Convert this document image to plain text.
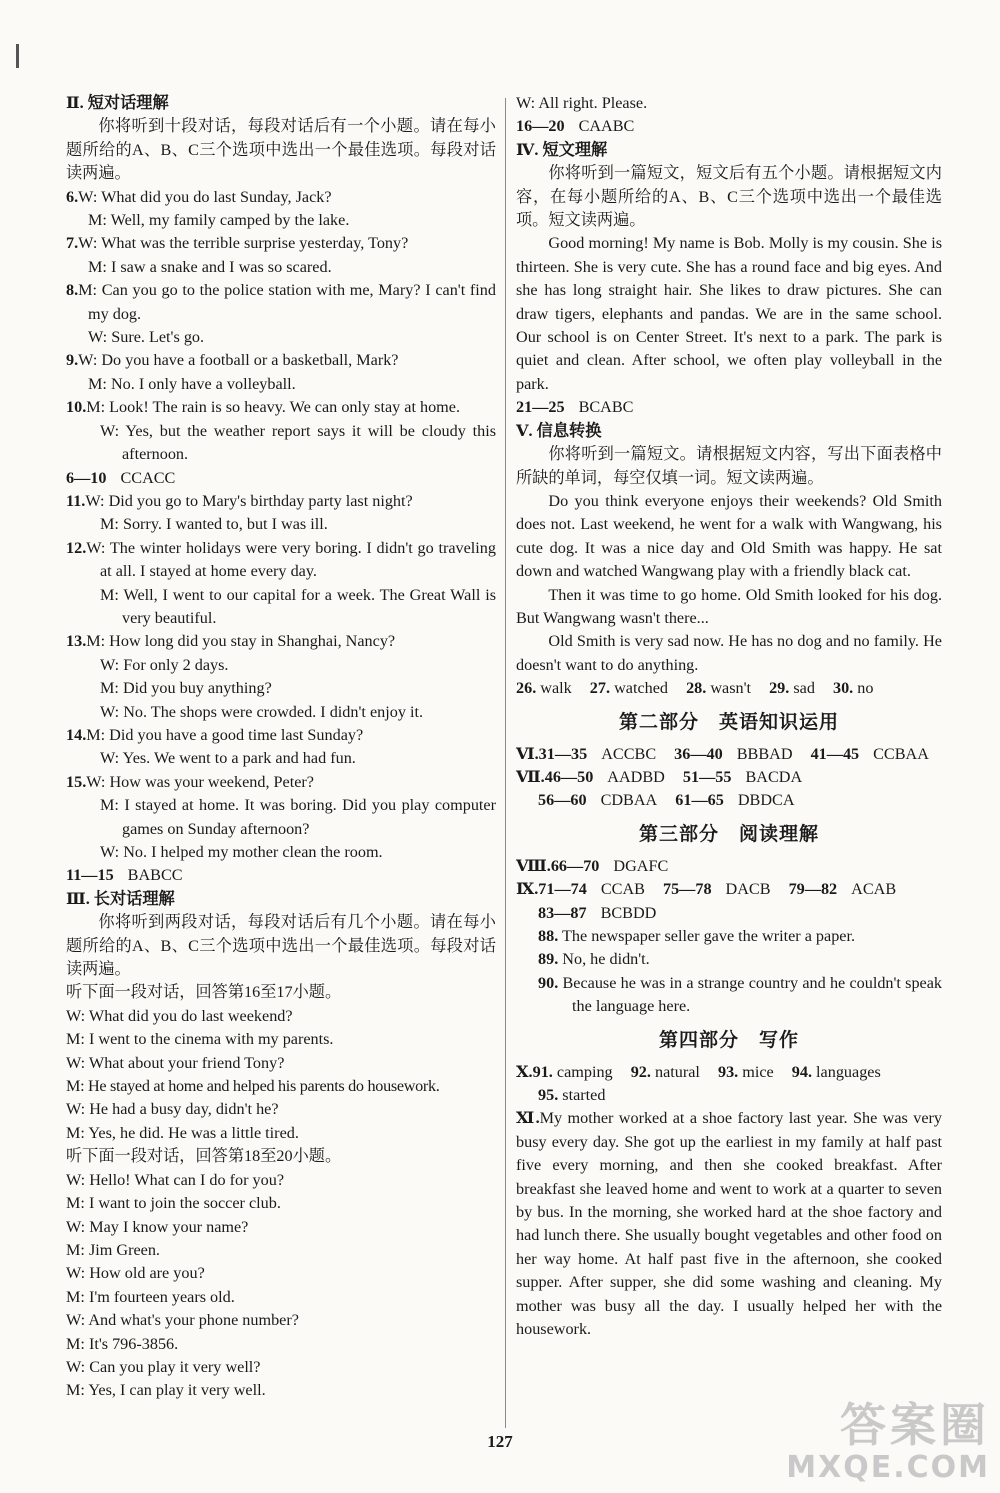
Ⅱ. 短对话理解

你将听到十段对话，每段对话后有一个小题。请在每小题所给的A、B、C三个选项中选出一个最佳选项。每段对话读两遍。

6.W: What did you do last Sunday, Jack?

M: Well, my family camped by the lake.

7.W: What was the terrible surprise yesterday, Tony?

M: I saw a snake and I was so scared.

8.M: Can you go to the police station with me, Mary? I can't find my dog.

W: Sure. Let's go.

9.W: Do you have a football or a basketball, Mark?

M: No. I only have a volleyball.

10.M: Look! The rain is so heavy. We can only stay at home.

W: Yes, but the weather report says it will be cloudy this afternoon.

6—10 CCACC

11.W: Did you go to Mary's birthday party last night?

M: Sorry. I wanted to, but I was ill.

12.W: The winter holidays were very boring. I didn't go traveling at all. I stayed at home every day.

M: Well, I went to our capital for a week. The Great Wall is very beautiful.

13.M: How long did you stay in Shanghai, Nancy?

W: For only 2 days.

M: Did you buy anything?

W: No. The shops were crowded. I didn't enjoy it.

14.M: Did you have a good time last Sunday?

W: Yes. We went to a park and had fun.

15.W: How was your weekend, Peter?

M: I stayed at home. It was boring. Did you play computer games on Sunday afternoon?

W: No. I helped my mother clean the room.

11—15 BABCC

Ⅲ. 长对话理解

你将听到两段对话，每段对话后有几个小题。请在每小题所给的A、B、C三个选项中选出一个最佳选项。每段对话读两遍。

听下面一段对话，回答第16至17小题。

W: What did you do last weekend?

M: I went to the cinema with my parents.

W: What about your friend Tony?

M: He stayed at home and helped his parents do housework.

W: He had a busy day, didn't he?

M: Yes, he did. He was a little tired.

听下面一段对话，回答第18至20小题。

W: Hello! What can I do for you?

M: I want to join the soccer club.

W: May I know your name?

M: Jim Green.

W: How old are you?

M: I'm fourteen years old.

W: And what's your phone number?

M: It's 796-3856.

W: Can you play it very well?

M: Yes, I can play it very well.

W: All right. Please.

16—20 CAABC

Ⅳ. 短文理解

你将听到一篇短文，短文后有五个小题。请根据短文内容，在每小题所给的A、B、C三个选项中选出一个最佳选项。短文读两遍。

Good morning! My name is Bob. Molly is my cousin. She is thirteen. She is very cute. She has a round face and big eyes. And she has long straight hair. She likes to draw pictures. She can draw tigers, elephants and pandas. We are in the same school. Our school is on Center Street. It's next to a park. The park is quiet and clean. After school, we often play volleyball in the park.

21—25 BCABC

Ⅴ. 信息转换

你将听到一篇短文。请根据短文内容，写出下面表格中所缺的单词，每空仅填一词。短文读两遍。

Do you think everyone enjoys their weekends? Old Smith does not. Last weekend, he went for a walk with Wangwang, his cute dog. It was a nice day and Old Smith was happy. He sat down and watched Wangwang play with a friendly black cat.

Then it was time to go home. Old Smith looked for his dog. But Wangwang wasn't there...

Old Smith is very sad now. He has no dog and no family. He doesn't want to do anything.

26. walk 27. watched 28. wasn't 29. sad 30. no

第二部分　英语知识运用

Ⅵ.31—35 ACCBC 36—40 BBBAD 41—45 CCBAA

Ⅶ.46—50 AADBD 51—55 BACDA

56—60 CDBAA 61—65 DBDCA

第三部分　阅读理解

Ⅷ.66—70 DGAFC

Ⅸ.71—74 CCAB 75—78 DACB 79—82 ACAB

83—87 BCBDD

88. The newspaper seller gave the writer a paper.

89. No, he didn't.

90. Because he was in a strange country and he couldn't speak the language here.

第四部分　写作

Ⅹ.91. camping 92. natural 93. mice 94. languages

95. started

Ⅺ.My mother worked at a shoe factory last year. She was very busy every day. She got up the earliest in my family at half past five every morning, and then she cooked breakfast. After breakfast she leaved home and went to work at a quarter to seven by bus. In the morning, she worked hard at the shoe factory and had lunch there. She usually bought vegetables and other food on her way home. At half past five in the afternoon, she cooked supper. After supper, she did some washing and cleaning. My mother was busy all the day. I usually helped her with the housework.

127	答案圈
MXQE.COM
